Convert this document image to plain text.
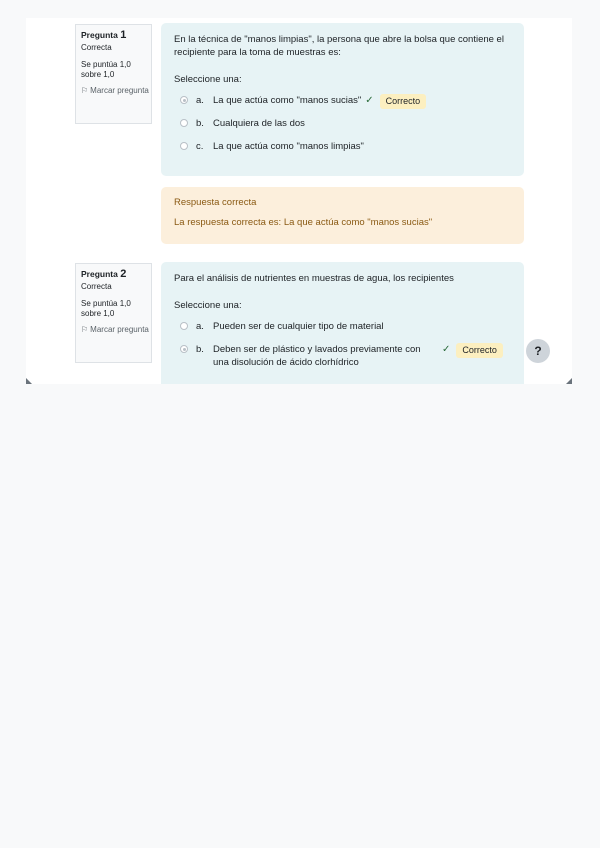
Pregunta 1
Correcta
Se puntúa 1,0 sobre 1,0
⚐ Marcar pregunta
En la técnica de "manos limpias", la persona que abre la bolsa que contiene el recipiente para la toma de muestras es:
Seleccione una:
a. La que actúa como "manos sucias" ✓	Correcto
b. Cualquiera de las dos
c.	La que actúa como "manos limpias"
Respuesta correcta
La respuesta correcta es: La que actúa como "manos sucias"
Pregunta 2
Correcta
Se puntúa 1,0 sobre 1,0
⚐ Marcar pregunta
Para el análisis de nutrientes en muestras de agua, los recipientes
Seleccione una:
a. Pueden ser de cualquier tipo de material
b. Deben ser de plástico y lavados previamente con una disolución de ácido clorhídrico
✓	Correcto	?
